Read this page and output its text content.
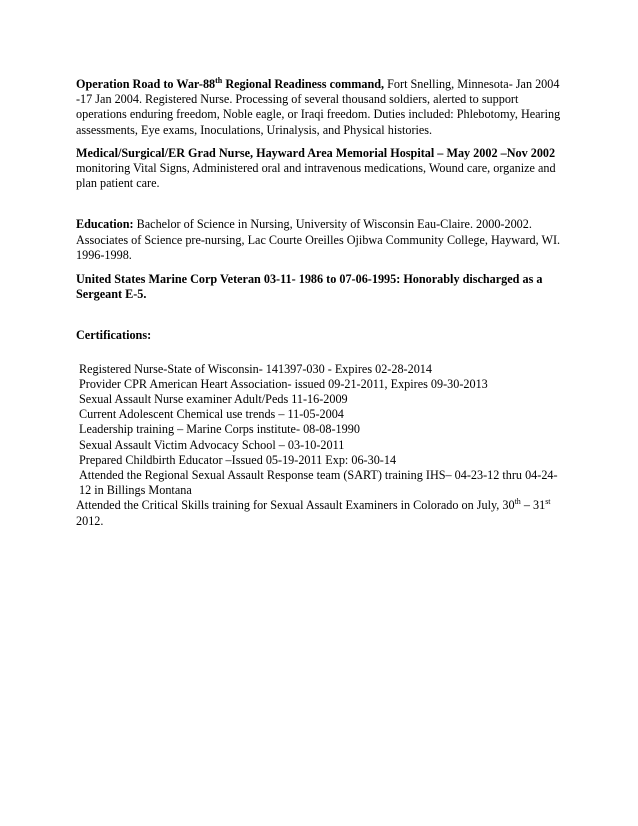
Operation Road to War-88th Regional Readiness command, Fort Snelling, Minnesota- Jan 2004 -17 Jan 2004. Registered Nurse. Processing of several thousand soldiers, alerted to support operations enduring freedom, Noble eagle, or Iraqi freedom. Duties included: Phlebotomy, Hearing assessments, Eye exams, Inoculations, Urinalysis, and Physical histories.

Medical/Surgical/ER Grad Nurse, Hayward Area Memorial Hospital – May 2002 –Nov 2002 monitoring Vital Signs, Administered oral and intravenous medications, Wound care, organize and plan patient care.

Education: Bachelor of Science in Nursing, University of Wisconsin Eau-Claire. 2000-2002.
Associates of Science pre-nursing, Lac Courte Oreilles Ojibwa Community College, Hayward, WI. 1996-1998.

United States Marine Corp Veteran 03-11- 1986 to 07-06-1995: Honorably discharged as a Sergeant E-5.

Certifications:

Registered Nurse-State of Wisconsin- 141397-030 - Expires 02-28-2014

Provider CPR American Heart Association- issued 09-21-2011, Expires 09-30-2013

Sexual Assault Nurse examiner Adult/Peds 11-16-2009

Current Adolescent Chemical use trends – 11-05-2004

Leadership training – Marine Corps institute- 08-08-1990

Sexual Assault Victim Advocacy School – 03-10-2011

Prepared Childbirth Educator –Issued 05-19-2011 Exp: 06-30-14

Attended the Regional Sexual Assault Response team (SART) training IHS– 04-23-12 thru 04-24-12 in Billings Montana

Attended the Critical Skills training for Sexual Assault Examiners in Colorado on July, 30th – 31st 2012.
